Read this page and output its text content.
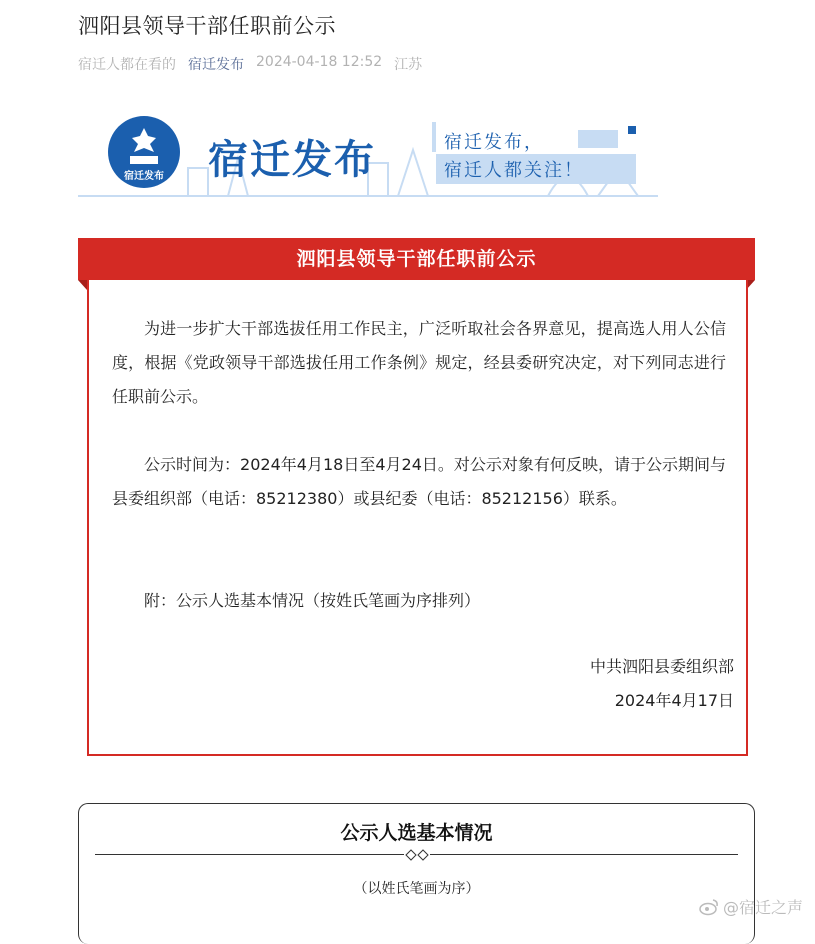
泗阳县领导干部任职前公示
宿迁人都在看的 宿迁发布 2024-04-18 12:52 江苏
宿迁发布	宿迁发布	宿迁发布，
宿迁人都关注！
泗阳县领导干部任职前公示

为进一步扩大干部选拔任用工作民主，广泛听取社会各界意见，提高选人用人公信度，根据《党政领导干部选拔任用工作条例》规定，经县委研究决定，对下列同志进行任职前公示。

公示时间为：2024年4月18日至4月24日。对公示对象有何反映，请于公示期间与县委组织部（电话：85212380）或县纪委（电话：85212156）联系。

附：公示人选基本情况（按姓氏笔画为序排列）

中共泗阳县委组织部
2024年4月17日
公示人选基本情况
（以姓氏笔画为序）
@宿迁之声
